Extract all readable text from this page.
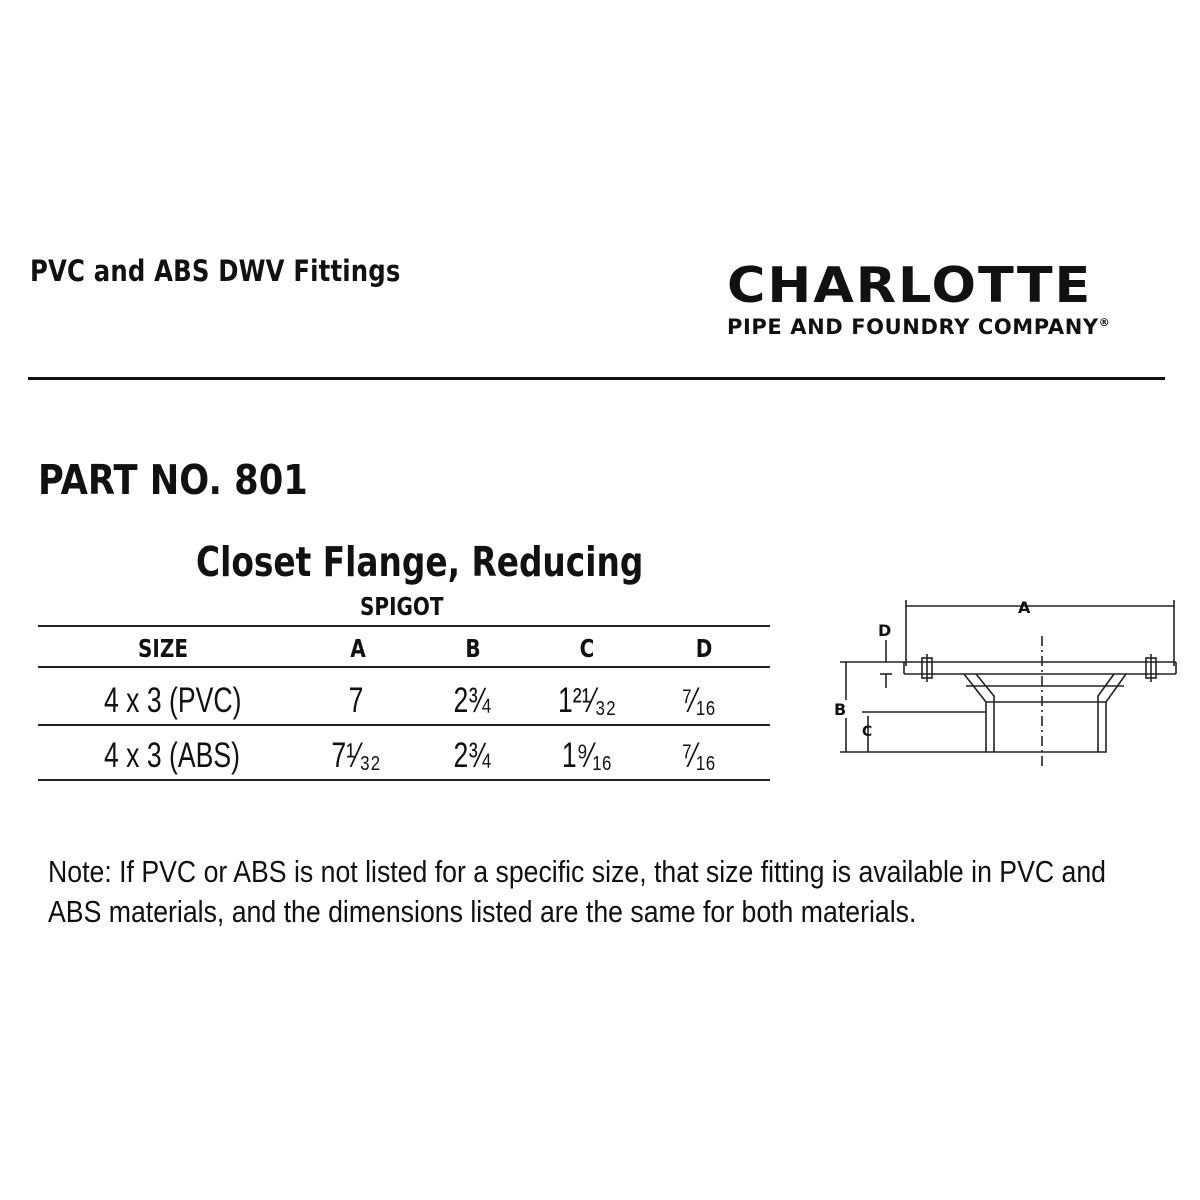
PVC and ABS DWV Fittings	CHARLOTTE
PIPE AND FOUNDRY COMPANY®
PART NO. 801
Closet Flange, Reducing
SPIGOT
SIZE	A	B	C	D
4 x 3 (PVC)	7	2¾	1²¹⁄₃₂	⁷⁄₁₆
4 x 3 (ABS)	7¹⁄₃₂	2¾	1⁹⁄₁₆	⁷⁄₁₆
A
B
C
D
Note: If PVC or ABS is not listed for a specific size, that size fitting is available in PVC and ABS materials, and the dimensions listed are the same for both materials.
